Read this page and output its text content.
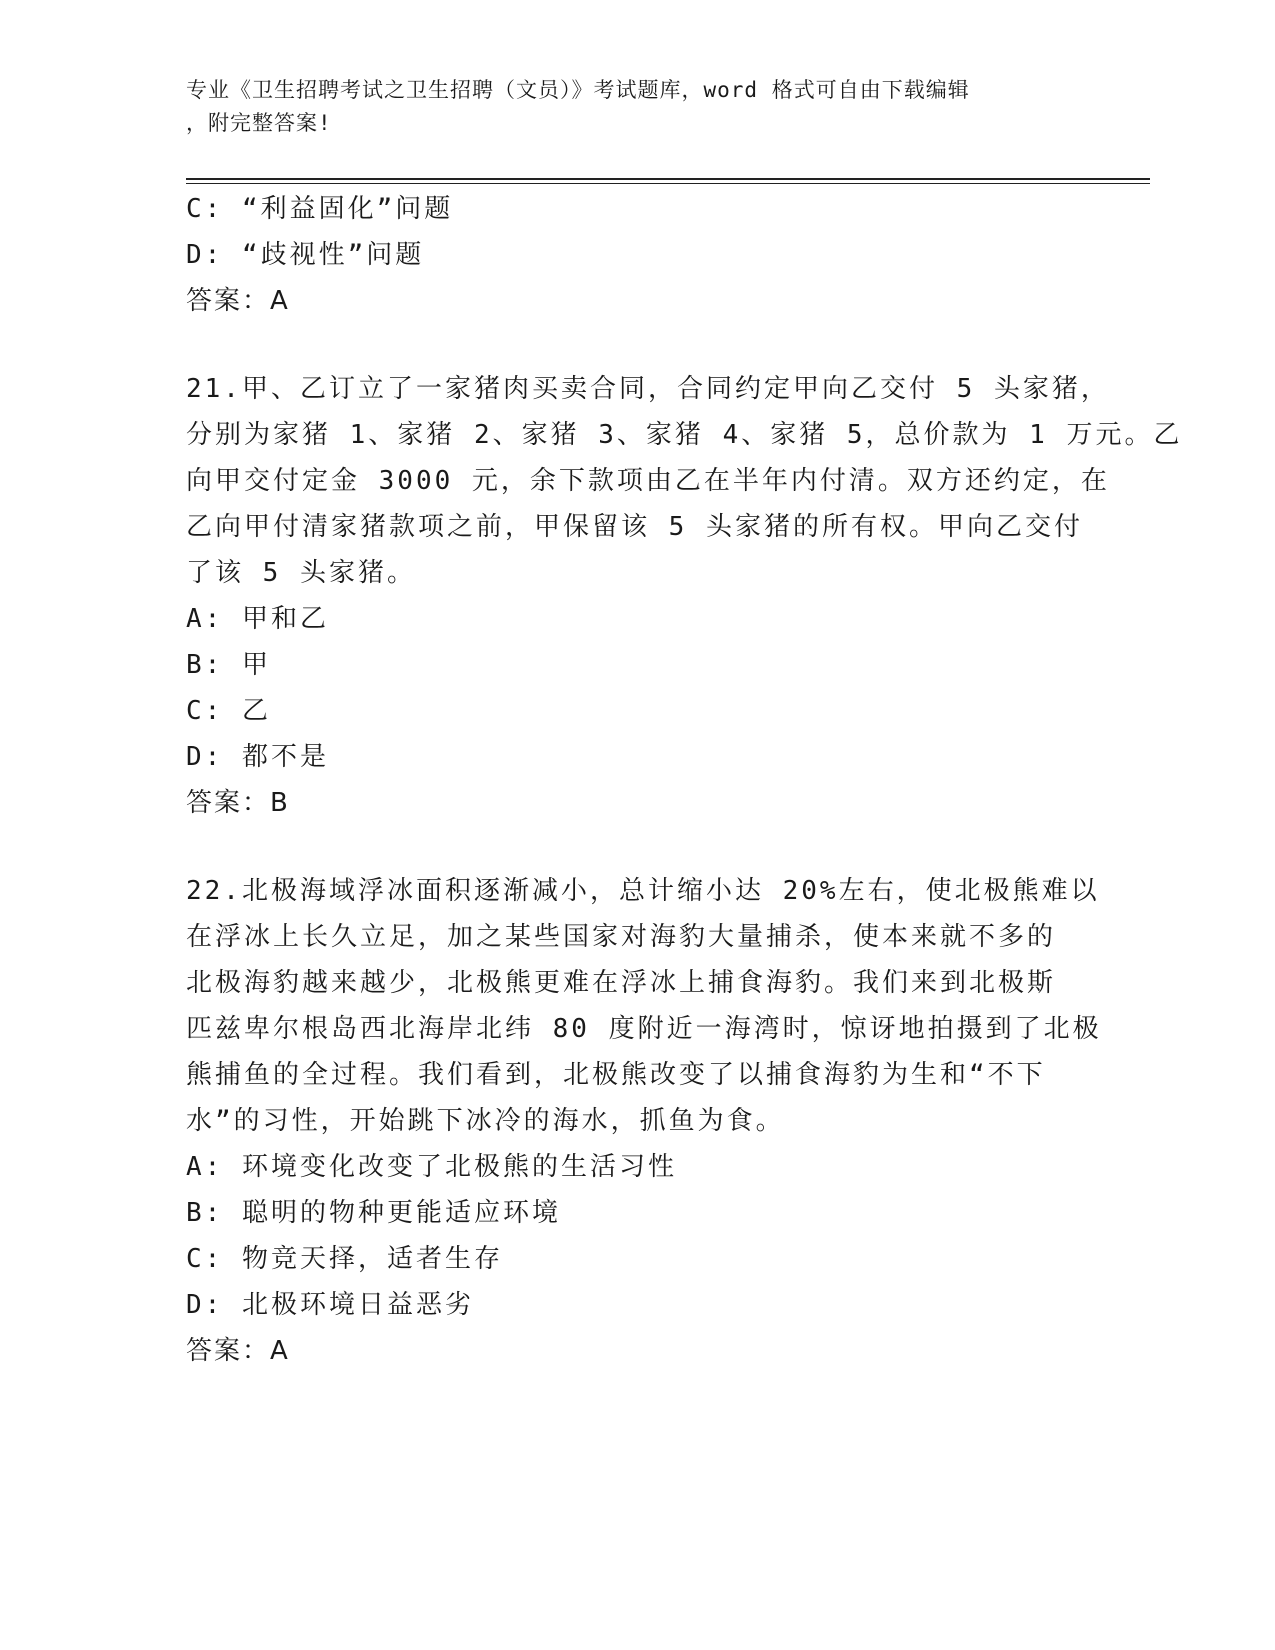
专业《卫生招聘考试之卫生招聘（文员）》考试题库，word 格式可自由下载编辑
，附完整答案!
C: “利益固化”问题
D: “歧视性”问题
答案：A
21.甲、乙订立了一家猪肉买卖合同，合同约定甲向乙交付 5 头家猪，
分别为家猪 1、家猪 2、家猪 3、家猪 4、家猪 5，总价款为 1 万元。乙
向甲交付定金 3000 元，余下款项由乙在半年内付清。双方还约定，在
乙向甲付清家猪款项之前，甲保留该 5 头家猪的所有权。甲向乙交付
了该 5 头家猪。
A: 甲和乙
B: 甲
C: 乙
D: 都不是
答案：B
22.北极海域浮冰面积逐渐减小，总计缩小达 20%左右，使北极熊难以
在浮冰上长久立足，加之某些国家对海豹大量捕杀，使本来就不多的
北极海豹越来越少，北极熊更难在浮冰上捕食海豹。我们来到北极斯
匹兹卑尔根岛西北海岸北纬 80 度附近一海湾时，惊讶地拍摄到了北极
熊捕鱼的全过程。我们看到，北极熊改变了以捕食海豹为生和“不下
水”的习性，开始跳下冰冷的海水，抓鱼为食。
A: 环境变化改变了北极熊的生活习性
B: 聪明的物种更能适应环境
C: 物竞天择，适者生存
D: 北极环境日益恶劣
答案：A
